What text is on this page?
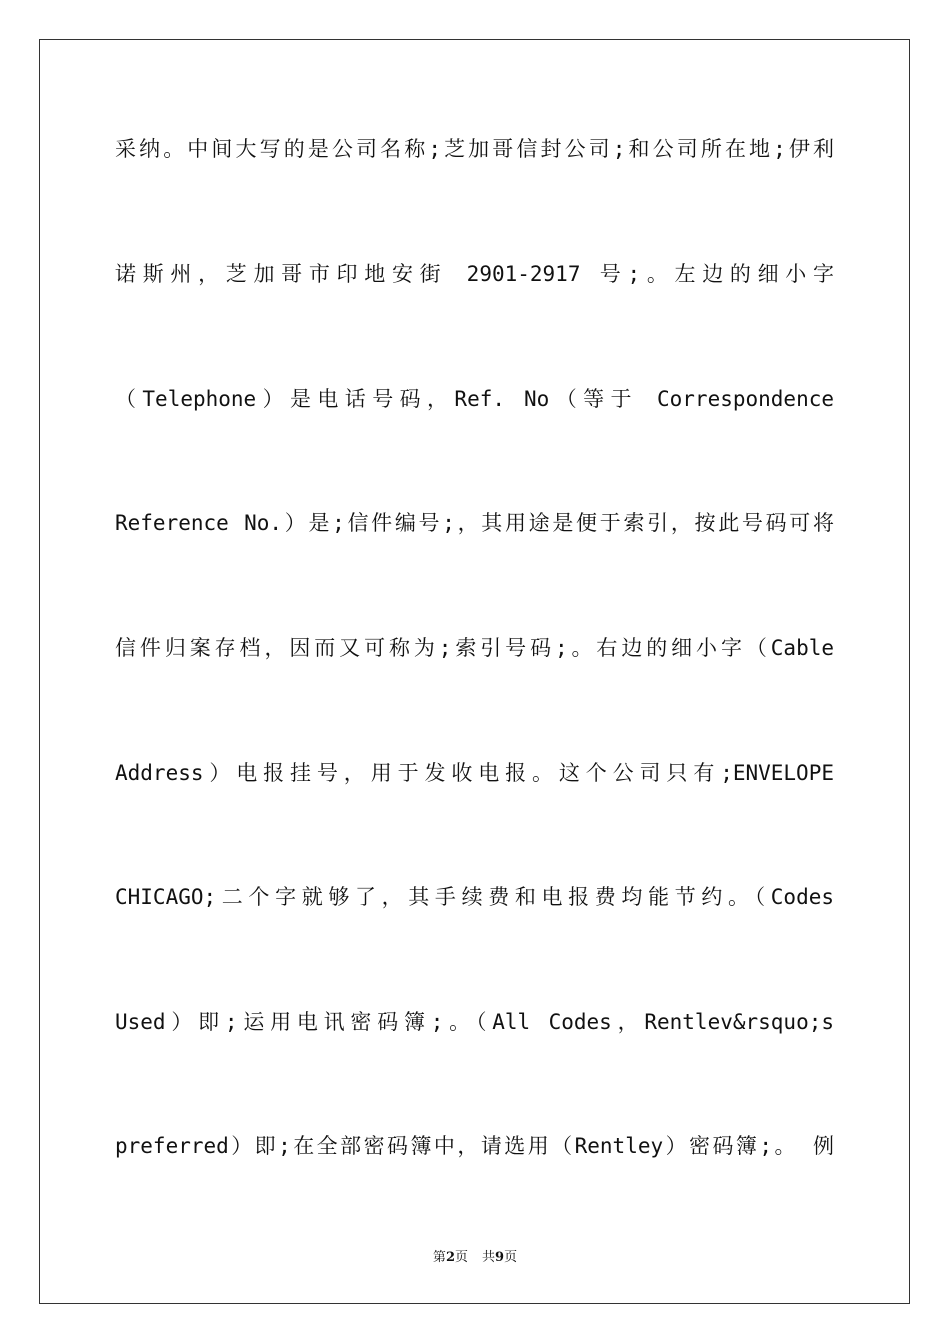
采纳。中间大写的是公司名称;芝加哥信封公司;和公司所在地;伊利
诺斯州，芝加哥市印地安街 2901-2917 号;。左边的细小字
（Telephone）是电话号码，Ref. No（等于 Correspondence
Reference No.）是;信件编号;，其用途是便于索引，按此号码可将
信件归案存档，因而又可称为;索引号码;。右边的细小字（Cable
Address）电报挂号，用于发收电报。这个公司只有;ENVELOPE
CHICAGO;二个字就够了，其手续费和电报费均能节约。（Codes
Used）即;运用电讯密码簿;。（All Codes，Rentlev&rsquo;s
preferred）即;在全部密码簿中，请选用（Rentley）密码簿;。 例
第2页 共9页
